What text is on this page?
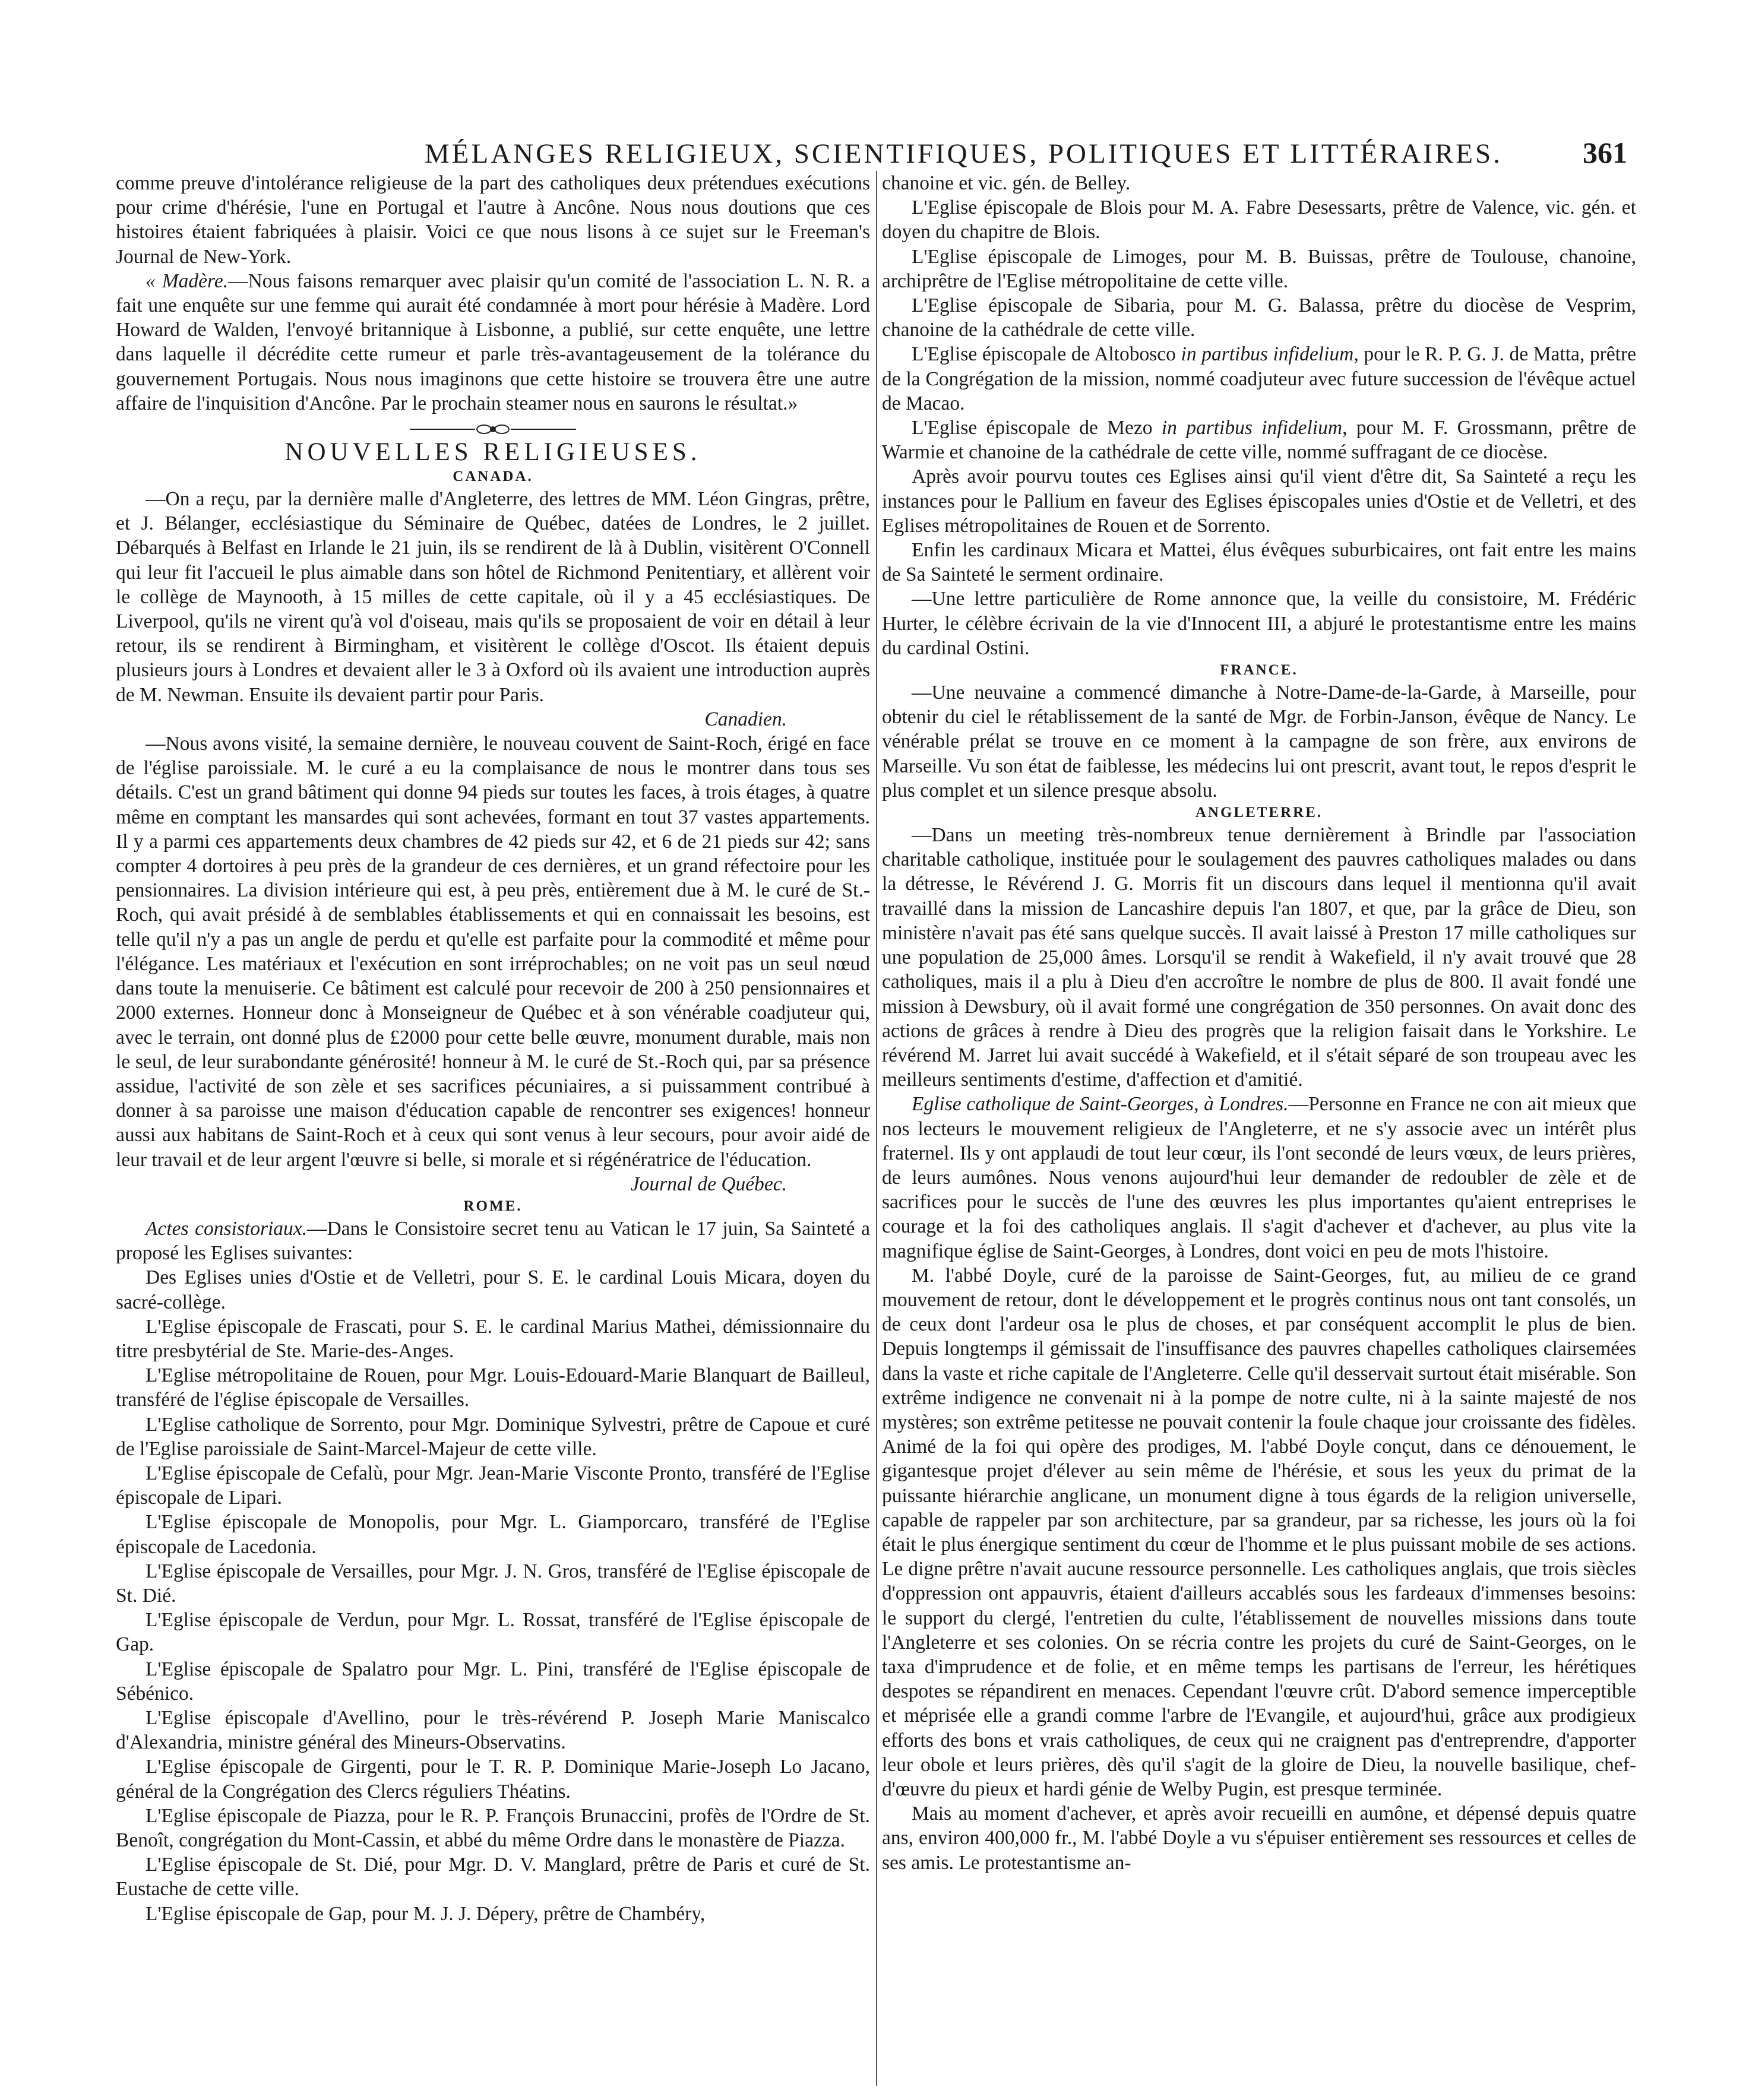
MÉLANGES RELIGIEUX, SCIENTIFIQUES, POLITIQUES ET LITTÉRAIRES.	361

comme preuve d'intolérance religieuse de la part des catholiques deux prétendues exécutions pour crime d'hérésie, l'une en Portugal et l'autre à Ancône. Nous nous doutions que ces histoires étaient fabriquées à plaisir. Voici ce que nous lisons à ce sujet sur le Freeman's Journal de New-York.

« Madère.—Nous faisons remarquer avec plaisir qu'un comité de l'association L. N. R. a fait une enquête sur une femme qui aurait été condamnée à mort pour hérésie à Madère. Lord Howard de Walden, l'envoyé britannique à Lisbonne, a publié, sur cette enquête, une lettre dans laquelle il décrédite cette rumeur et parle très-avantageusement de la tolérance du gouvernement Portugais. Nous nous imaginons que cette histoire se trouvera être une autre affaire de l'inquisition d'Ancône. Par le prochain steamer nous en saurons le résultat.»

NOUVELLES RELIGIEUSES.
CANADA.

—On a reçu, par la dernière malle d'Angleterre, des lettres de MM. Léon Gingras, prêtre, et J. Bélanger, ecclésiastique du Séminaire de Québec, datées de Londres, le 2 juillet. Débarqués à Belfast en Irlande le 21 juin, ils se rendirent de là à Dublin, visitèrent O'Connell qui leur fit l'accueil le plus aimable dans son hôtel de Richmond Penitentiary, et allèrent voir le collège de Maynooth, à 15 milles de cette capitale, où il y a 45 ecclésiastiques. De Liverpool, qu'ils ne virent qu'à vol d'oiseau, mais qu'ils se proposaient de voir en détail à leur retour, ils se rendirent à Birmingham, et visitèrent le collège d'Oscot. Ils étaient depuis plusieurs jours à Londres et devaient aller le 3 à Oxford où ils avaient une introduction auprès de M. Newman. Ensuite ils devaient partir pour Paris.

Canadien.

—Nous avons visité, la semaine dernière, le nouveau couvent de Saint-Roch, érigé en face de l'église paroissiale. M. le curé a eu la complaisance de nous le montrer dans tous ses détails. C'est un grand bâtiment qui donne 94 pieds sur toutes les faces, à trois étages, à quatre même en comptant les mansardes qui sont achevées, formant en tout 37 vastes appartements. Il y a parmi ces appartements deux chambres de 42 pieds sur 42, et 6 de 21 pieds sur 42; sans compter 4 dortoires à peu près de la grandeur de ces dernières, et un grand réfectoire pour les pensionnaires. La division intérieure qui est, à peu près, entièrement due à M. le curé de St.-Roch, qui avait présidé à de semblables établissements et qui en connaissait les besoins, est telle qu'il n'y a pas un angle de perdu et qu'elle est parfaite pour la commodité et même pour l'élégance. Les matériaux et l'exécution en sont irréprochables; on ne voit pas un seul nœud dans toute la menuiserie. Ce bâtiment est calculé pour recevoir de 200 à 250 pensionnaires et 2000 externes. Honneur donc à Monseigneur de Québec et à son vénérable coadjuteur qui, avec le terrain, ont donné plus de £2000 pour cette belle œuvre, monument durable, mais non le seul, de leur surabondante générosité! honneur à M. le curé de St.-Roch qui, par sa présence assidue, l'activité de son zèle et ses sacrifices pécuniaires, a si puissamment contribué à donner à sa paroisse une maison d'éducation capable de rencontrer ses exigences! honneur aussi aux habitans de Saint-Roch et à ceux qui sont venus à leur secours, pour avoir aidé de leur travail et de leur argent l'œuvre si belle, si morale et si régénératrice de l'éducation.

Journal de Québec.
ROME.

Actes consistoriaux.—Dans le Consistoire secret tenu au Vatican le 17 juin, Sa Sainteté a proposé les Eglises suivantes:

Des Eglises unies d'Ostie et de Velletri, pour S. E. le cardinal Louis Micara, doyen du sacré-collège.

L'Eglise épiscopale de Frascati, pour S. E. le cardinal Marius Mathei, démissionnaire du titre presbytérial de Ste. Marie-des-Anges.

L'Eglise métropolitaine de Rouen, pour Mgr. Louis-Edouard-Marie Blanquart de Bailleul, transféré de l'église épiscopale de Versailles.

L'Eglise catholique de Sorrento, pour Mgr. Dominique Sylvestri, prêtre de Capoue et curé de l'Eglise paroissiale de Saint-Marcel-Majeur de cette ville.

L'Eglise épiscopale de Cefalù, pour Mgr. Jean-Marie Visconte Pronto, transféré de l'Eglise épiscopale de Lipari.

L'Eglise épiscopale de Monopolis, pour Mgr. L. Giamporcaro, transféré de l'Eglise épiscopale de Lacedonia.

L'Eglise épiscopale de Versailles, pour Mgr. J. N. Gros, transféré de l'Eglise épiscopale de St. Dié.

L'Eglise épiscopale de Verdun, pour Mgr. L. Rossat, transféré de l'Eglise épiscopale de Gap.

L'Eglise épiscopale de Spalatro pour Mgr. L. Pini, transféré de l'Eglise épiscopale de Sébénico.

L'Eglise épiscopale d'Avellino, pour le très-révérend P. Joseph Marie Maniscalco d'Alexandria, ministre général des Mineurs-Observatins.

L'Eglise épiscopale de Girgenti, pour le T. R. P. Dominique Marie-Joseph Lo Jacano, général de la Congrégation des Clercs réguliers Théatins.

L'Eglise épiscopale de Piazza, pour le R. P. François Brunaccini, profès de l'Ordre de St. Benoît, congrégation du Mont-Cassin, et abbé du même Ordre dans le monastère de Piazza.

L'Eglise épiscopale de St. Dié, pour Mgr. D. V. Manglard, prêtre de Paris et curé de St. Eustache de cette ville.

L'Eglise épiscopale de Gap, pour M. J. J. Dépery, prêtre de Chambéry,

chanoine et vic. gén. de Belley.

L'Eglise épiscopale de Blois pour M. A. Fabre Desessarts, prêtre de Valence, vic. gén. et doyen du chapitre de Blois.

L'Eglise épiscopale de Limoges, pour M. B. Buissas, prêtre de Toulouse, chanoine, archiprêtre de l'Eglise métropolitaine de cette ville.

L'Eglise épiscopale de Sibaria, pour M. G. Balassa, prêtre du diocèse de Vesprim, chanoine de la cathédrale de cette ville.

L'Eglise épiscopale de Altobosco in partibus infidelium, pour le R. P. G. J. de Matta, prêtre de la Congrégation de la mission, nommé coadjuteur avec future succession de l'évêque actuel de Macao.

L'Eglise épiscopale de Mezo in partibus infidelium, pour M. F. Grossmann, prêtre de Warmie et chanoine de la cathédrale de cette ville, nommé suffragant de ce diocèse.

Après avoir pourvu toutes ces Eglises ainsi qu'il vient d'être dit, Sa Sainteté a reçu les instances pour le Pallium en faveur des Eglises épiscopales unies d'Ostie et de Velletri, et des Eglises métropolitaines de Rouen et de Sorrento.

Enfin les cardinaux Micara et Mattei, élus évêques suburbicaires, ont fait entre les mains de Sa Sainteté le serment ordinaire.

—Une lettre particulière de Rome annonce que, la veille du consistoire, M. Frédéric Hurter, le célèbre écrivain de la vie d'Innocent III, a abjuré le protestantisme entre les mains du cardinal Ostini.

FRANCE.

—Une neuvaine a commencé dimanche à Notre-Dame-de-la-Garde, à Marseille, pour obtenir du ciel le rétablissement de la santé de Mgr. de Forbin-Janson, évêque de Nancy. Le vénérable prélat se trouve en ce moment à la campagne de son frère, aux environs de Marseille. Vu son état de faiblesse, les médecins lui ont prescrit, avant tout, le repos d'esprit le plus complet et un silence presque absolu.

ANGLETERRE.

—Dans un meeting très-nombreux tenue dernièrement à Brindle par l'association charitable catholique, instituée pour le soulagement des pauvres catholiques malades ou dans la détresse, le Révérend J. G. Morris fit un discours dans lequel il mentionna qu'il avait travaillé dans la mission de Lancashire depuis l'an 1807, et que, par la grâce de Dieu, son ministère n'avait pas été sans quelque succès. Il avait laissé à Preston 17 mille catholiques sur une population de 25,000 âmes. Lorsqu'il se rendit à Wakefield, il n'y avait trouvé que 28 catholiques, mais il a plu à Dieu d'en accroître le nombre de plus de 800. Il avait fondé une mission à Dewsbury, où il avait formé une congrégation de 350 personnes. On avait donc des actions de grâces à rendre à Dieu des progrès que la religion faisait dans le Yorkshire. Le révérend M. Jarret lui avait succédé à Wakefield, et il s'était séparé de son troupeau avec les meilleurs sentiments d'estime, d'affection et d'amitié.

Eglise catholique de Saint-Georges, à Londres.—Personne en France ne con ait mieux que nos lecteurs le mouvement religieux de l'Angleterre, et ne s'y associe avec un intérêt plus fraternel. Ils y ont applaudi de tout leur cœur, ils l'ont secondé de leurs vœux, de leurs prières, de leurs aumônes. Nous venons aujourd'hui leur demander de redoubler de zèle et de sacrifices pour le succès de l'une des œuvres les plus importantes qu'aient entreprises le courage et la foi des catholiques anglais. Il s'agit d'achever et d'achever, au plus vite la magnifique église de Saint-Georges, à Londres, dont voici en peu de mots l'histoire.

M. l'abbé Doyle, curé de la paroisse de Saint-Georges, fut, au milieu de ce grand mouvement de retour, dont le développement et le progrès continus nous ont tant consolés, un de ceux dont l'ardeur osa le plus de choses, et par conséquent accomplit le plus de bien. Depuis longtemps il gémissait de l'insuffisance des pauvres chapelles catholiques clairsemées dans la vaste et riche capitale de l'Angleterre. Celle qu'il desservait surtout était misérable. Son extrême indigence ne convenait ni à la pompe de notre culte, ni à la sainte majesté de nos mystères; son extrême petitesse ne pouvait contenir la foule chaque jour croissante des fidèles. Animé de la foi qui opère des prodiges, M. l'abbé Doyle conçut, dans ce dénouement, le gigantesque projet d'élever au sein même de l'hérésie, et sous les yeux du primat de la puissante hiérarchie anglicane, un monument digne à tous égards de la religion universelle, capable de rappeler par son architecture, par sa grandeur, par sa richesse, les jours où la foi était le plus énergique sentiment du cœur de l'homme et le plus puissant mobile de ses actions. Le digne prêtre n'avait aucune ressource personnelle. Les catholiques anglais, que trois siècles d'oppression ont appauvris, étaient d'ailleurs accablés sous les fardeaux d'immenses besoins: le support du clergé, l'entretien du culte, l'établissement de nouvelles missions dans toute l'Angleterre et ses colonies. On se récria contre les projets du curé de Saint-Georges, on le taxa d'imprudence et de folie, et en même temps les partisans de l'erreur, les hérétiques despotes se répandirent en menaces. Cependant l'œuvre crût. D'abord semence imperceptible et méprisée elle a grandi comme l'arbre de l'Evangile, et aujourd'hui, grâce aux prodigieux efforts des bons et vrais catholiques, de ceux qui ne craignent pas d'entreprendre, d'apporter leur obole et leurs prières, dès qu'il s'agit de la gloire de Dieu, la nouvelle basilique, chef-d'œuvre du pieux et hardi génie de Welby Pugin, est presque terminée.

Mais au moment d'achever, et après avoir recueilli en aumône, et dépensé depuis quatre ans, environ 400,000 fr., M. l'abbé Doyle a vu s'épuiser entièrement ses ressources et celles de ses amis. Le protestantisme an-
